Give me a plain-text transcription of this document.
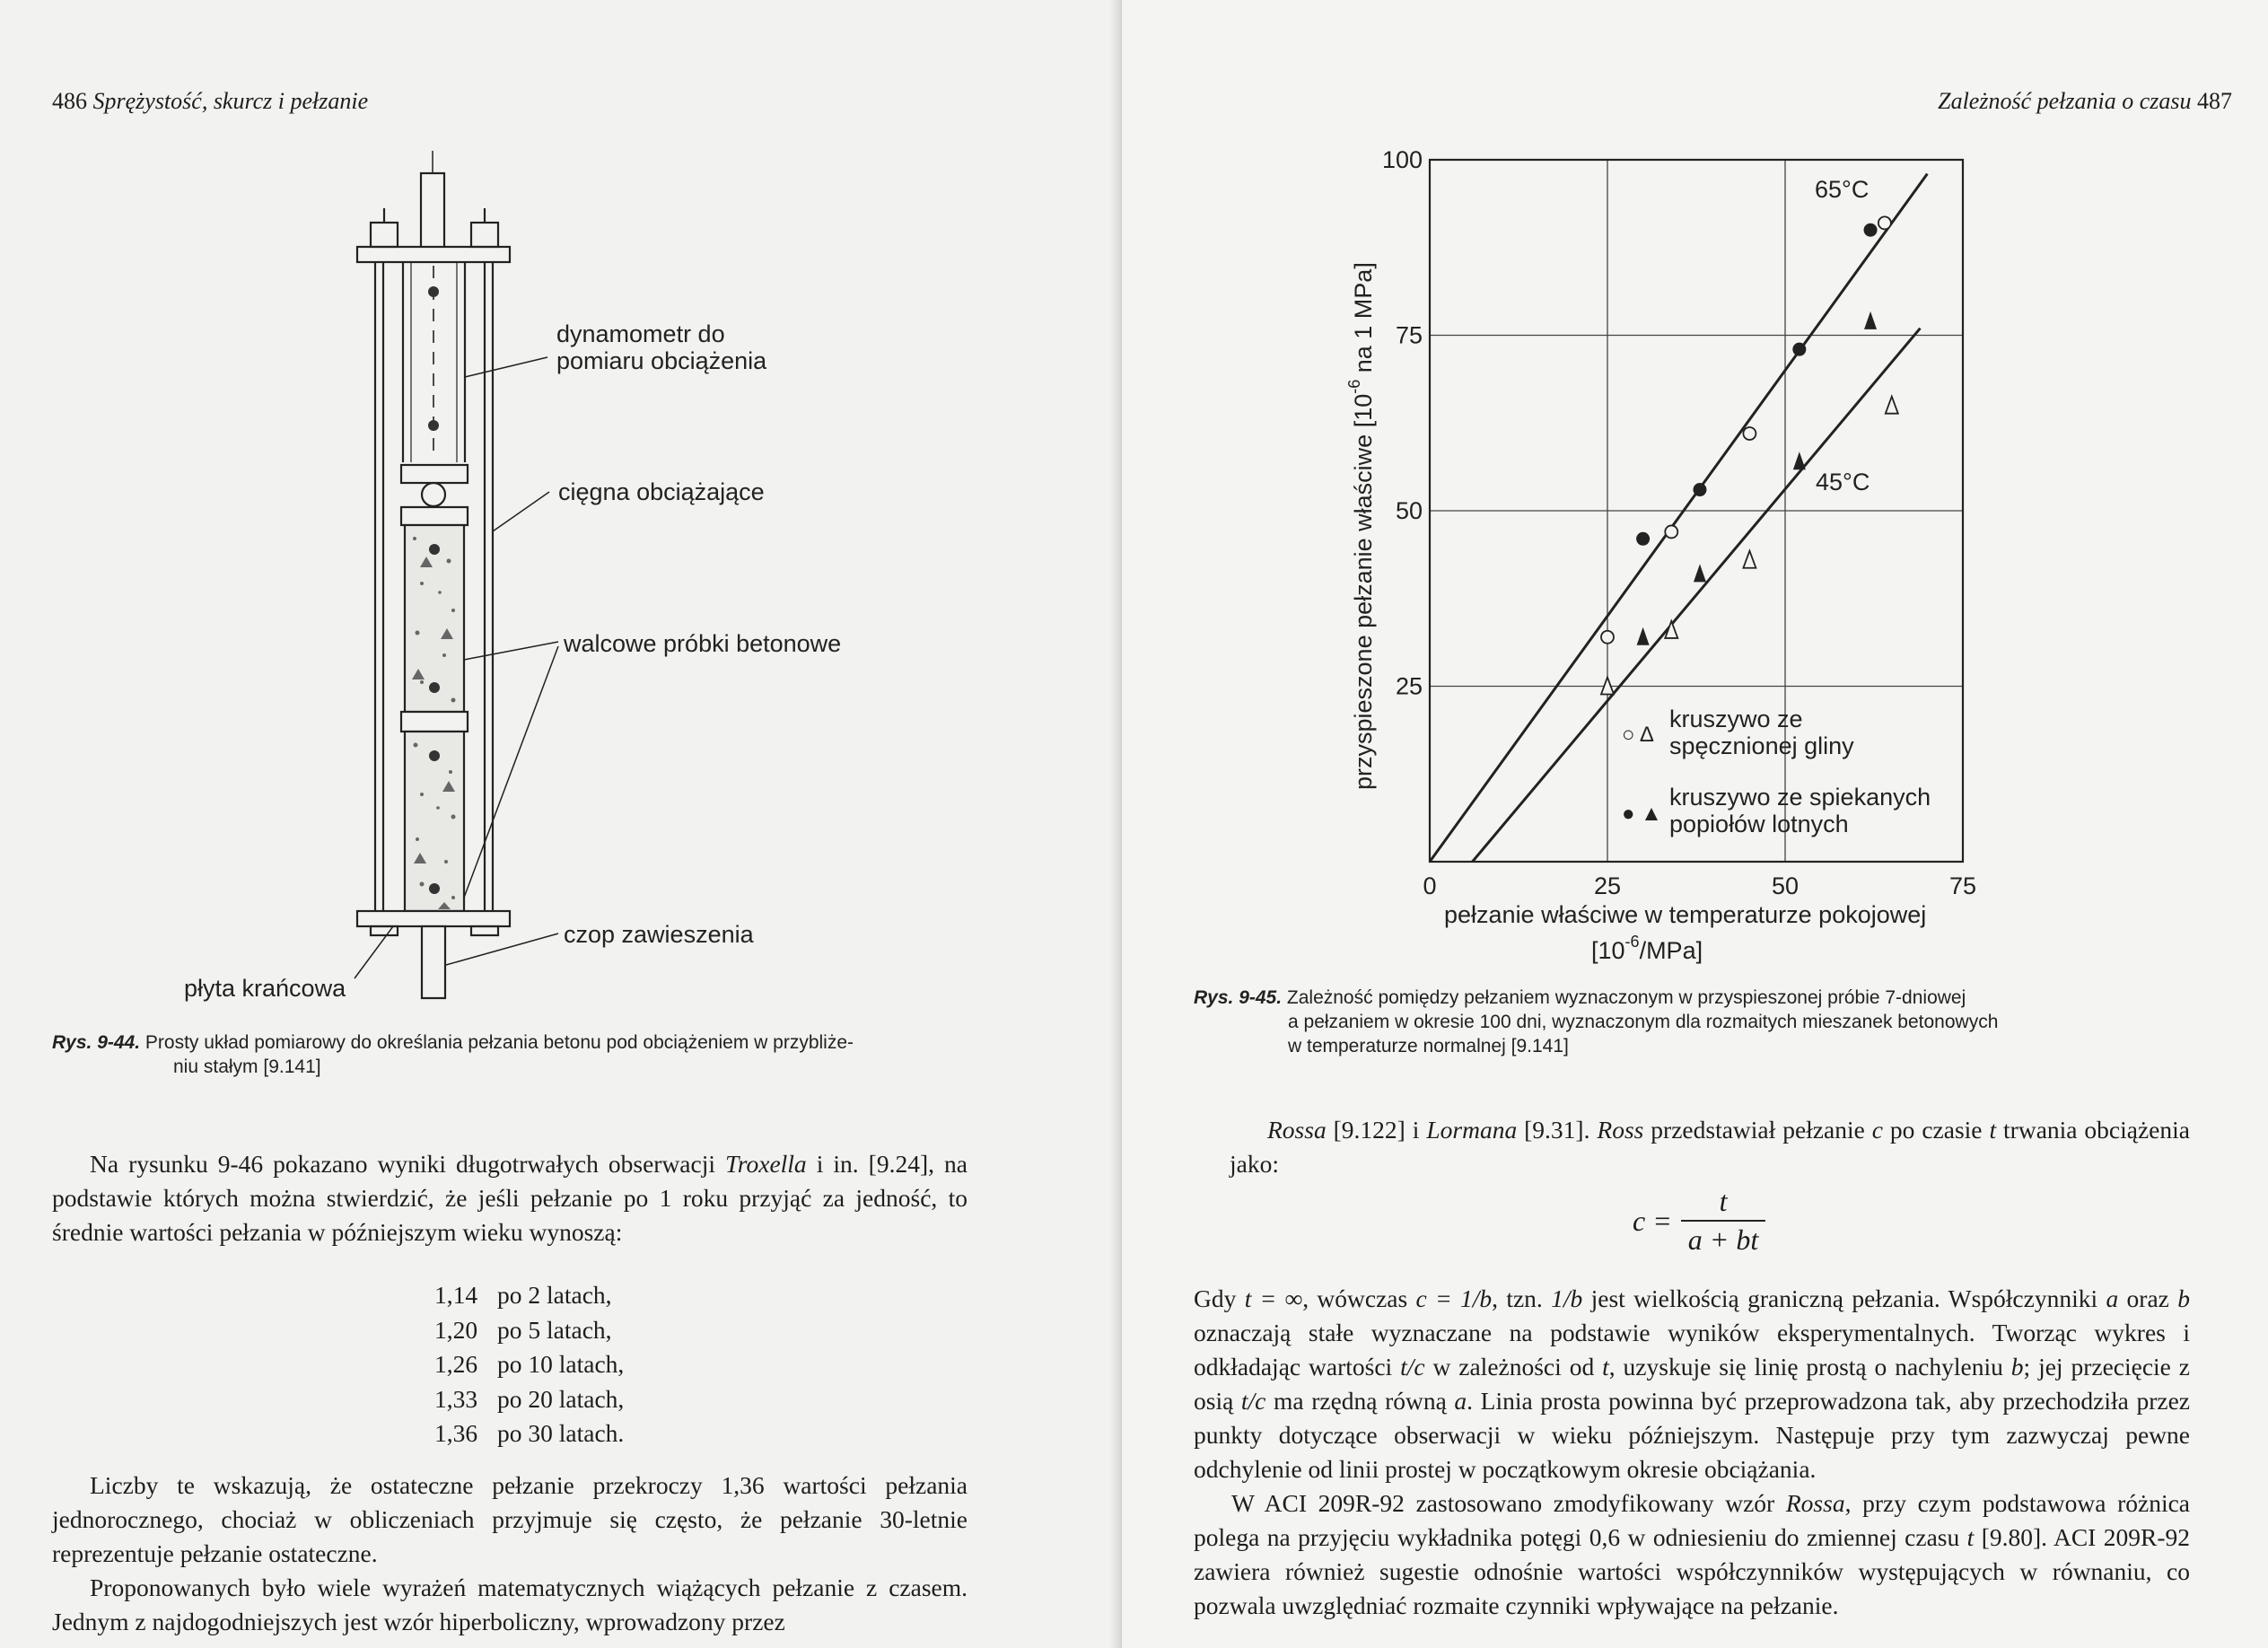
486 Sprężystość, skurcz i pełzanie
dynamometr do
pomiaru obciążenia
cięgna obciążające
walcowe próbki betonowe
czop zawieszenia
płyta krańcowa
Rys. 9-44. Prosty układ pomiarowy do określania pełzania betonu pod obciążeniem w przybliże-
niu stałym [9.141]

Na rysunku 9-46 pokazano wyniki długotrwałych obserwacji Troxella i in. [9.24], na podstawie których można stwierdzić, że jeśli pełzanie po 1 roku przyjąć za jedność, to średnie wartości pełzania w późniejszym wieku wynoszą:

1,14 po 2 latach,
1,20 po 5 latach,
1,26 po 10 latach,
1,33 po 20 latach,
1,36 po 30 latach.

Liczby te wskazują, że ostateczne pełzanie przekroczy 1,36 wartości pełzania jednorocznego, chociaż w obliczeniach przyjmuje się często, że pełzanie 30-letnie reprezentuje pełzanie ostateczne.

Proponowanych było wiele wyrażeń matematycznych wiążących pełzanie z czasem. Jednym z najdogodniejszych jest wzór hiperboliczny, wprowadzony przez

Zależność pełzania o czasu 487
0	25	50	75
25
50
75
100
65°C
45°C
○ Δ
kruszywo ze
spęcznionej gliny
● ▲
kruszywo ze spiekanych
popiołów lotnych
pełzanie właściwe w temperaturze pokojowej
$[10^{-6}/MPa]$
przyspieszone pełzanie właściwe [$10^{-6}$ na 1 MPa]
Rys. 9-45. Zależność pomiędzy pełzaniem wyznaczonym w przyspieszonej próbie 7-dniowej
a pełzaniem w okresie 100 dni, wyznaczonym dla rozmaitych mieszanek betonowych
w temperaturze normalnej [9.141]

Rossa [9.122] i Lormana [9.31]. Ross przedstawiał pełzanie c po czasie t trwania obciążenia jako:

c =	t
a + bt

Gdy t = ∞, wówczas c = 1/b, tzn. 1/b jest wielkością graniczną pełzania. Współczynniki a oraz b oznaczają stałe wyznaczane na podstawie wyników eksperymentalnych. Tworząc wykres i odkładając wartości t/c w zależności od t, uzyskuje się linię prostą o nachyleniu b; jej przecięcie z osią t/c ma rzędną równą a. Linia prosta powinna być przeprowadzona tak, aby przechodziła przez punkty dotyczące obserwacji w wieku późniejszym. Następuje przy tym zazwyczaj pewne odchylenie od linii prostej w początkowym okresie obciążania.

W ACI 209R-92 zastosowano zmodyfikowany wzór Rossa, przy czym podstawowa różnica polega na przyjęciu wykładnika potęgi 0,6 w odniesieniu do zmiennej czasu t [9.80]. ACI 209R-92 zawiera również sugestie odnośnie wartości współczynników występujących w równaniu, co pozwala uwzględniać rozmaite czynniki wpływające na pełzanie.
